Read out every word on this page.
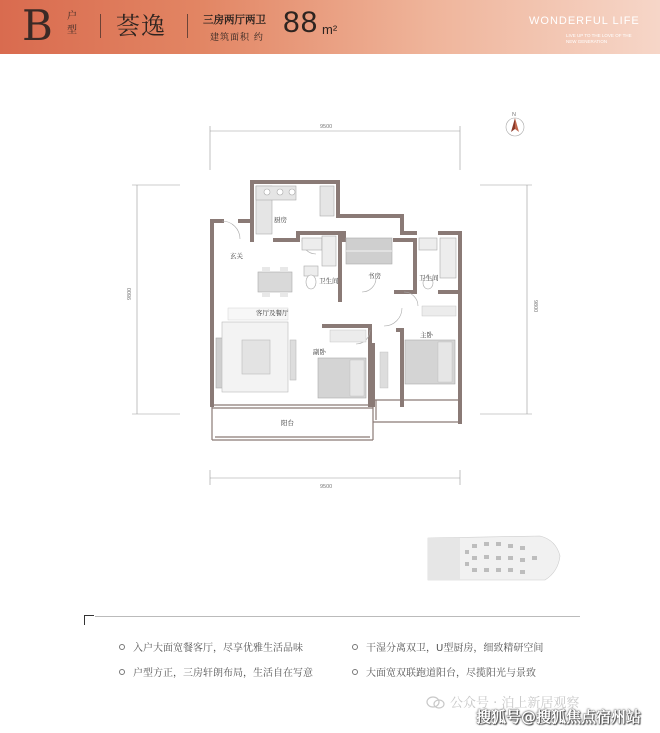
B 户型 荟逸	三房两厅两卫
建筑面积 约 88 m²
WONDERFUL LIFE
LIVE UP TO THE LOVE OF THE NEW GENERATION
9500
9500
9800
9800
N
厨房
玄关
卫生间
书房	卫生间
客厅及餐厅
主卧
副卧
阳台
入户大面宽餐客厅，尽享优雅生活品味
户型方正，三房轩朗布局，生活自在写意
干湿分离双卫，U型厨房，细致精研空间
大面宽双联跑道阳台，尽揽阳光与景致
公众号 · 泊上新居观察
搜狐号@搜狐焦点宿州站
